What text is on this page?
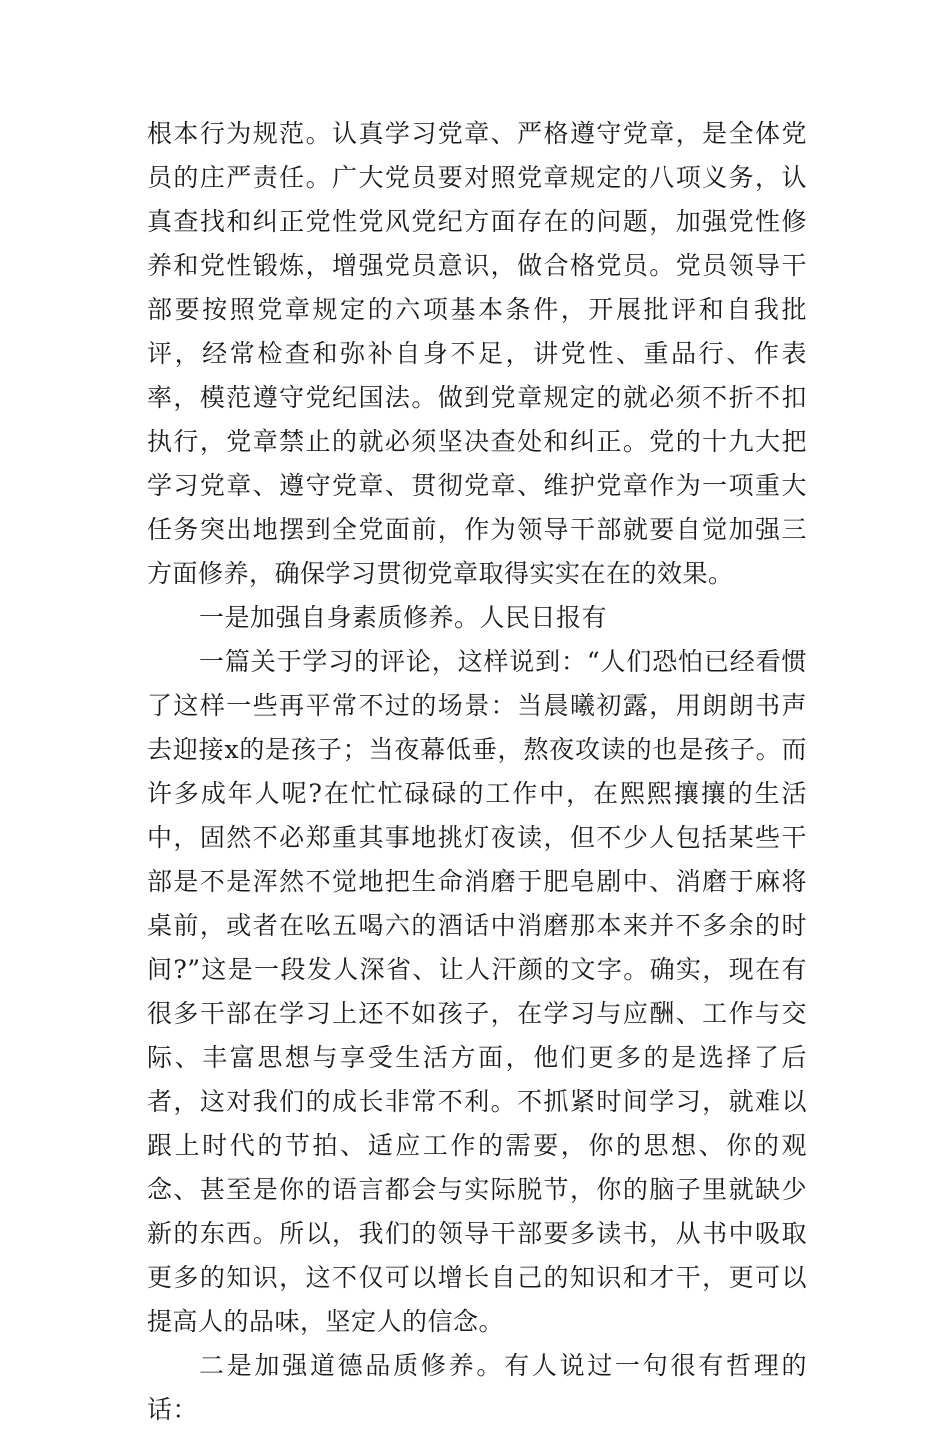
根本行为规范。认真学习党章、严格遵守党章，是全体党员的庄严责任。广大党员要对照党章规定的八项义务，认真查找和纠正党性党风党纪方面存在的问题，加强党性修养和党性锻炼，增强党员意识，做合格党员。党员领导干部要按照党章规定的六项基本条件，开展批评和自我批评，经常检查和弥补自身不足，讲党性、重品行、作表率，模范遵守党纪国法。做到党章规定的就必须不折不扣执行，党章禁止的就必须坚决查处和纠正。党的十九大把学习党章、遵守党章、贯彻党章、维护党章作为一项重大任务突出地摆到全党面前，作为领导干部就要自觉加强三方面修养，确保学习贯彻党章取得实实在在的效果。

一是加强自身素质修养。人民日报有

一篇关于学习的评论，这样说到：“人们恐怕已经看惯了这样一些再平常不过的场景：当晨曦初露，用朗朗书声去迎接x的是孩子；当夜幕低垂，熬夜攻读的也是孩子。而许多成年人呢?在忙忙碌碌的工作中，在熙熙攘攘的生活中，固然不必郑重其事地挑灯夜读，但不少人包括某些干部是不是浑然不觉地把生命消磨于肥皂剧中、消磨于麻将桌前，或者在吆五喝六的酒话中消磨那本来并不多余的时间?”这是一段发人深省、让人汗颜的文字。确实，现在有很多干部在学习上还不如孩子，在学习与应酬、工作与交际、丰富思想与享受生活方面，他们更多的是选择了后者，这对我们的成长非常不利。不抓紧时间学习，就难以跟上时代的节拍、适应工作的需要，你的思想、你的观念、甚至是你的语言都会与实际脱节，你的脑子里就缺少新的东西。所以，我们的领导干部要多读书，从书中吸取更多的知识，这不仅可以增长自己的知识和才干，更可以提高人的品味，坚定人的信念。

二是加强道德品质修养。有人说过一句很有哲理的话：
